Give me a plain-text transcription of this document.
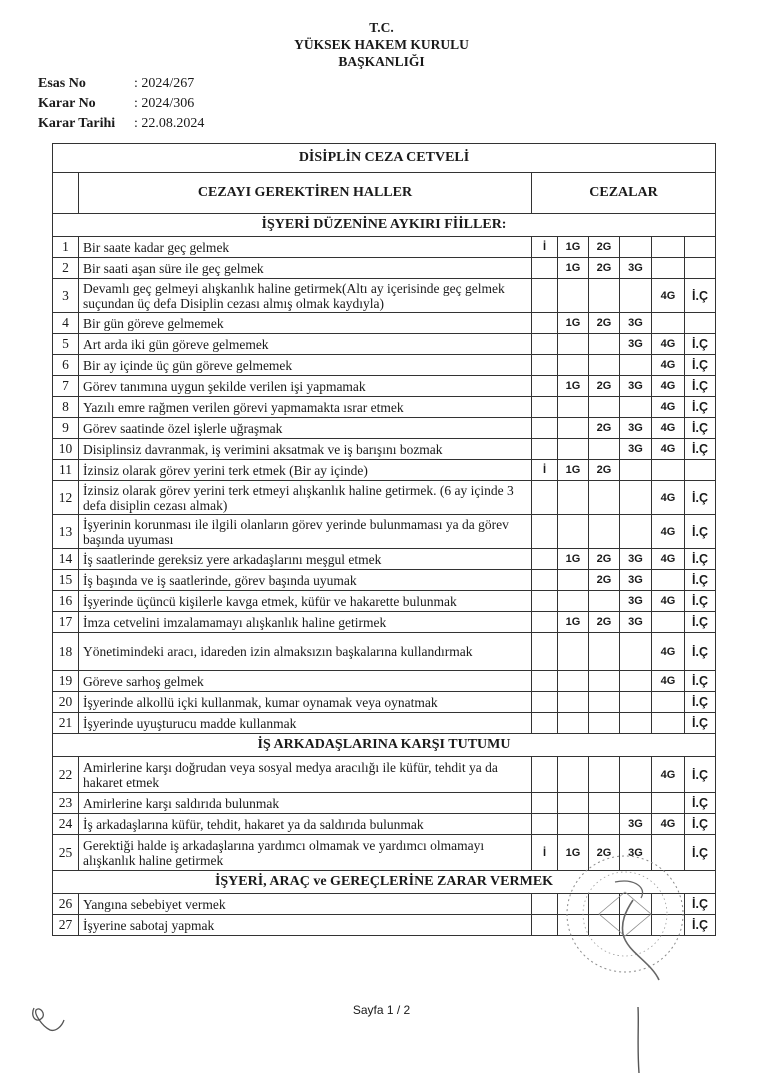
T.C.
YÜKSEK HAKEM KURULU
BAŞKANLIĞI
Esas No	: 2024/267
Karar No	: 2024/306
Karar Tarihi	: 22.08.2024
DİSİPLİN CEZA CETVELİ							
	CEZAYI GEREKTİREN HALLER	CEZALAR					
İŞYERİ DÜZENİNE AYKIRI FİİLLER:							
1	Bir saate kadar geç gelmek	İ	1G	2G			
2	Bir saati aşan süre ile geç gelmek		1G	2G	3G		
3	Devamlı geç gelmeyi alışkanlık haline getirmek(Altı ay içerisinde geç gelmek suçundan üç defa Disiplin cezası almış olmak kaydıyla)					4G	İ.Ç
4	Bir gün göreve gelmemek		1G	2G	3G		
5	Art arda iki gün göreve gelmemek				3G	4G	İ.Ç
6	Bir ay içinde üç gün göreve gelmemek					4G	İ.Ç
7	Görev tanımına uygun şekilde verilen işi yapmamak		1G	2G	3G	4G	İ.Ç
8	Yazılı emre rağmen verilen görevi yapmamakta ısrar etmek					4G	İ.Ç
9	Görev saatinde özel işlerle uğraşmak			2G	3G	4G	İ.Ç
10	Disiplinsiz davranmak, iş verimini aksatmak ve iş barışını bozmak				3G	4G	İ.Ç
11	İzinsiz olarak görev yerini terk etmek (Bir ay içinde)	İ	1G	2G			
12	İzinsiz olarak görev yerini terk etmeyi alışkanlık haline getirmek. (6 ay içinde 3 defa disiplin cezası almak)					4G	İ.Ç
13	İşyerinin korunması ile ilgili olanların görev yerinde bulunmaması ya da görev başında uyuması					4G	İ.Ç
14	İş saatlerinde gereksiz yere arkadaşlarını meşgul etmek		1G	2G	3G	4G	İ.Ç
15	İş başında ve iş saatlerinde, görev başında uyumak			2G	3G		İ.Ç
16	İşyerinde üçüncü kişilerle kavga etmek, küfür ve hakarette bulunmak				3G	4G	İ.Ç
17	İmza cetvelini imzalamamayı alışkanlık haline getirmek		1G	2G	3G		İ.Ç
18	Yönetimindeki aracı, idareden izin almaksızın başkalarına kullandırmak					4G	İ.Ç
19	Göreve sarhoş gelmek					4G	İ.Ç
20	İşyerinde alkollü içki kullanmak, kumar oynamak veya oynatmak						İ.Ç
21	İşyerinde uyuşturucu madde kullanmak						İ.Ç
İŞ ARKADAŞLARINA KARŞI TUTUMU							
22	Amirlerine karşı doğrudan veya sosyal medya aracılığı ile küfür, tehdit ya da hakaret etmek					4G	İ.Ç
23	Amirlerine karşı saldırıda bulunmak						İ.Ç
24	İş arkadaşlarına küfür, tehdit, hakaret ya da saldırıda bulunmak				3G	4G	İ.Ç
25	Gerektiği halde iş arkadaşlarına yardımcı olmamak ve yardımcı olmamayı alışkanlık haline getirmek	İ	1G	2G	3G		İ.Ç
İŞYERİ, ARAÇ ve GEREÇLERİNE ZARAR VERMEK							
26	Yangına sebebiyet vermek						İ.Ç
27	İşyerine sabotaj yapmak						İ.Ç
Sayfa 1 / 2
